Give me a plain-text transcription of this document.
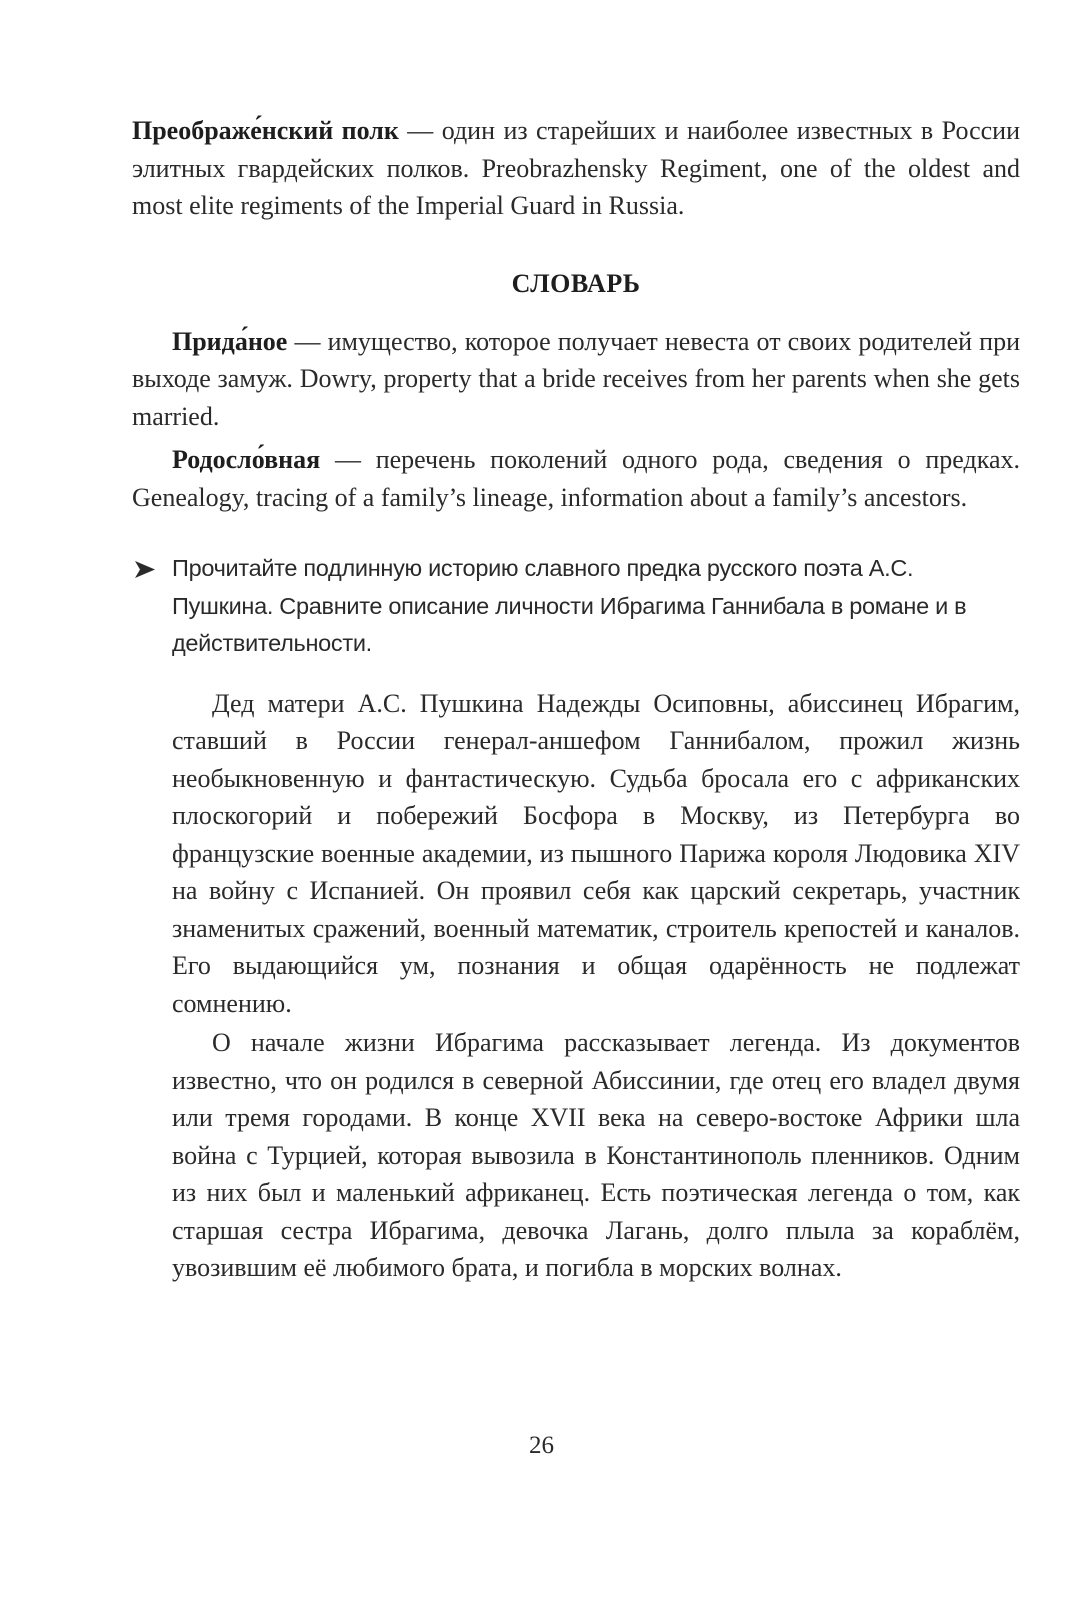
Преображе́нский полк — один из старейших и наиболее известных в России элитных гвардейских полков. Preobrazhensky Regiment, one of the oldest and most elite regiments of the Imperial Guard in Russia.

СЛОВАРЬ

Прида́ное — имущество, которое получает невеста от своих родителей при выходе замуж. Dowry, property that a bride receives from her parents when she gets married.

Родосло́вная — перечень поколений одного рода, сведения о предках. Genealogy, tracing of a family’s lineage, information about a family’s ancestors.

Прочитайте подлинную историю славного предка русского поэта А.С. Пушкина. Сравните описание личности Ибрагима Ганнибала в романе и в действительности.

Дед матери А.С. Пушкина Надежды Осиповны, абиссинец Ибрагим, ставший в России генерал-аншефом Ганнибалом, прожил жизнь необыкновенную и фантастическую. Судьба бросала его с африканских плоскогорий и побережий Босфора в Москву, из Петербурга во французские военные академии, из пышного Парижа короля Людовика XIV на войну с Испанией. Он проявил себя как царский секретарь, участник знаменитых сражений, военный математик, строитель крепостей и каналов. Его выдающийся ум, познания и общая одарённость не подлежат сомнению.

О начале жизни Ибрагима рассказывает легенда. Из документов известно, что он родился в северной Абиссинии, где отец его владел двумя или тремя городами. В конце XVII века на северо-востоке Африки шла война с Турцией, которая вывозила в Константинополь пленников. Одним из них был и маленький африканец. Есть поэтическая легенда о том, как старшая сестра Ибрагима, девочка Лагань, долго плыла за кораблём, увозившим её любимого брата, и погибла в морских волнах.

26
